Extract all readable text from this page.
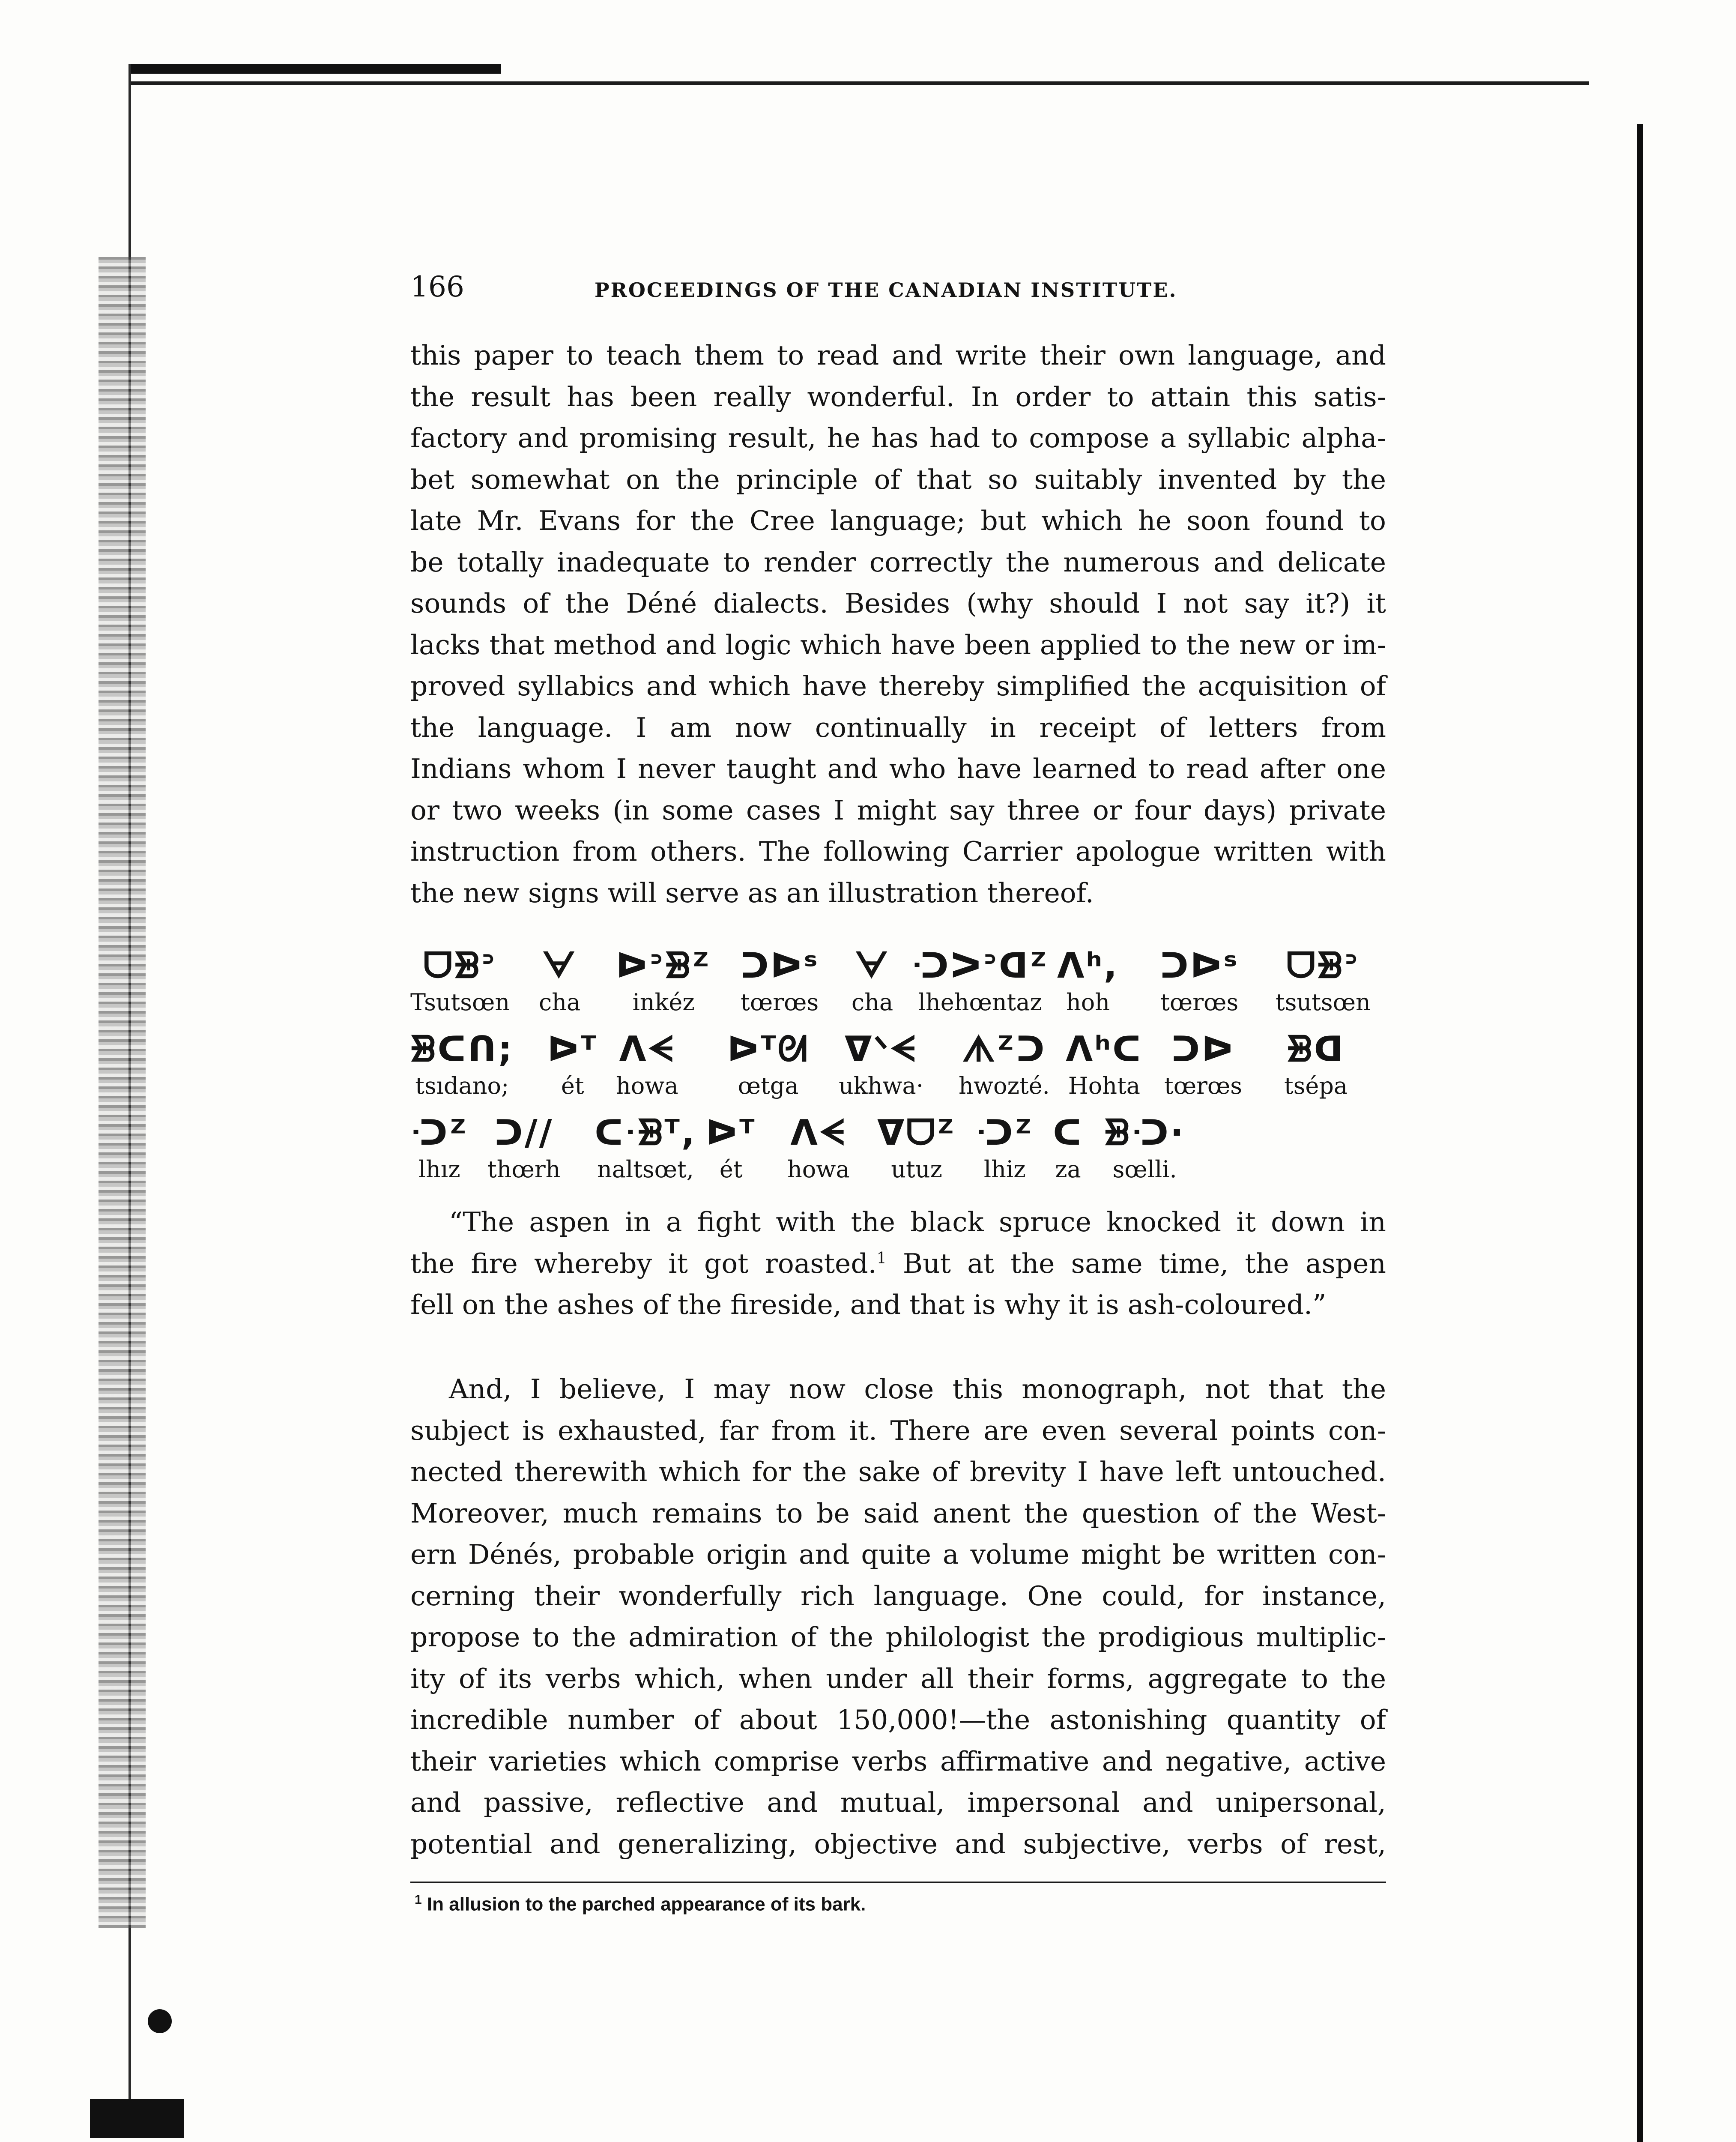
166	PROCEEDINGS OF THE CANADIAN INSTITUTE.
this paper to teach them to read and write their own language, and
the result has been really wonderful. In order to attain this satis-
factory and promising result, he has had to compose a syllabic alpha-
bet somewhat on the principle of that so suitably invented by the
late Mr. Evans for the Cree language; but which he soon found to
be totally inadequate to render correctly the numerous and delicate
sounds of the Déné dialects. Besides (why should I not say it?) it
lacks that method and logic which have been applied to the new or im-
proved syllabics and which have thereby simplified the acquisition of
the language. I am now continually in receipt of letters from
Indians whom I never taught and who have learned to read after one
or two weeks (in some cases I might say three or four days) private
instruction from others. The following Carrier apologue written with
the new signs will serve as an illustration thereof.
ᗜᗾᐣ
Tsutsœn
ᗄ
cha
ᐅᐣᗾᙆ
inkéz
ᑐᐅˢ
tœrœs
ᗄ
cha
ᑝᐳᐣᗡᙆ
lhehœntaz
ᐱʰ,
hoh
ᑐᐅˢ
tœrœs
ᗜᗾᐣ
tsutsœn
ᗾᑕᑎ;
tsıdano;
ᐅᵀ
ét
ᐱᗕ
howa
ᐅᵀᘛ
œtga
ᐁᐠᗕ
ukhwa·
ᗑᙆᑐ
hwozté.
ᐱʰᑕ
Hohta
ᑐᐅ
tœrœs
ᗾᗡ
tsépa
ᑝᙆ
lhız
ᑐ//
thœrh
ᑕᐧᗾᵀ,
naltsœt,
ᐅᵀ
ét
ᐱᗕ
howa
ᐁᗜᙆ
utuz
ᑝᙆ
lhiz
ᑕ
za
ᗾᑝ·
sœlli.
“The aspen in a fight with the black spruce knocked it down in
the fire whereby it got roasted.$^1$ But at the same time, the aspen
fell on the ashes of the fireside, and that is why it is ash-coloured.”
And, I believe, I may now close this monograph, not that the
subject is exhausted, far from it. There are even several points con-
nected therewith which for the sake of brevity I have left untouched.
Moreover, much remains to be said anent the question of the West-
ern Dénés, probable origin and quite a volume might be written con-
cerning their wonderfully rich language. One could, for instance,
propose to the admiration of the philologist the prodigious multiplic-
ity of its verbs which, when under all their forms, aggregate to the
incredible number of about 150,000!—the astonishing quantity of
their varieties which comprise verbs affirmative and negative, active
and passive, reflective and mutual, impersonal and unipersonal,
potential and generalizing, objective and subjective, verbs of rest,
$^1$ In allusion to the parched appearance of its bark.
